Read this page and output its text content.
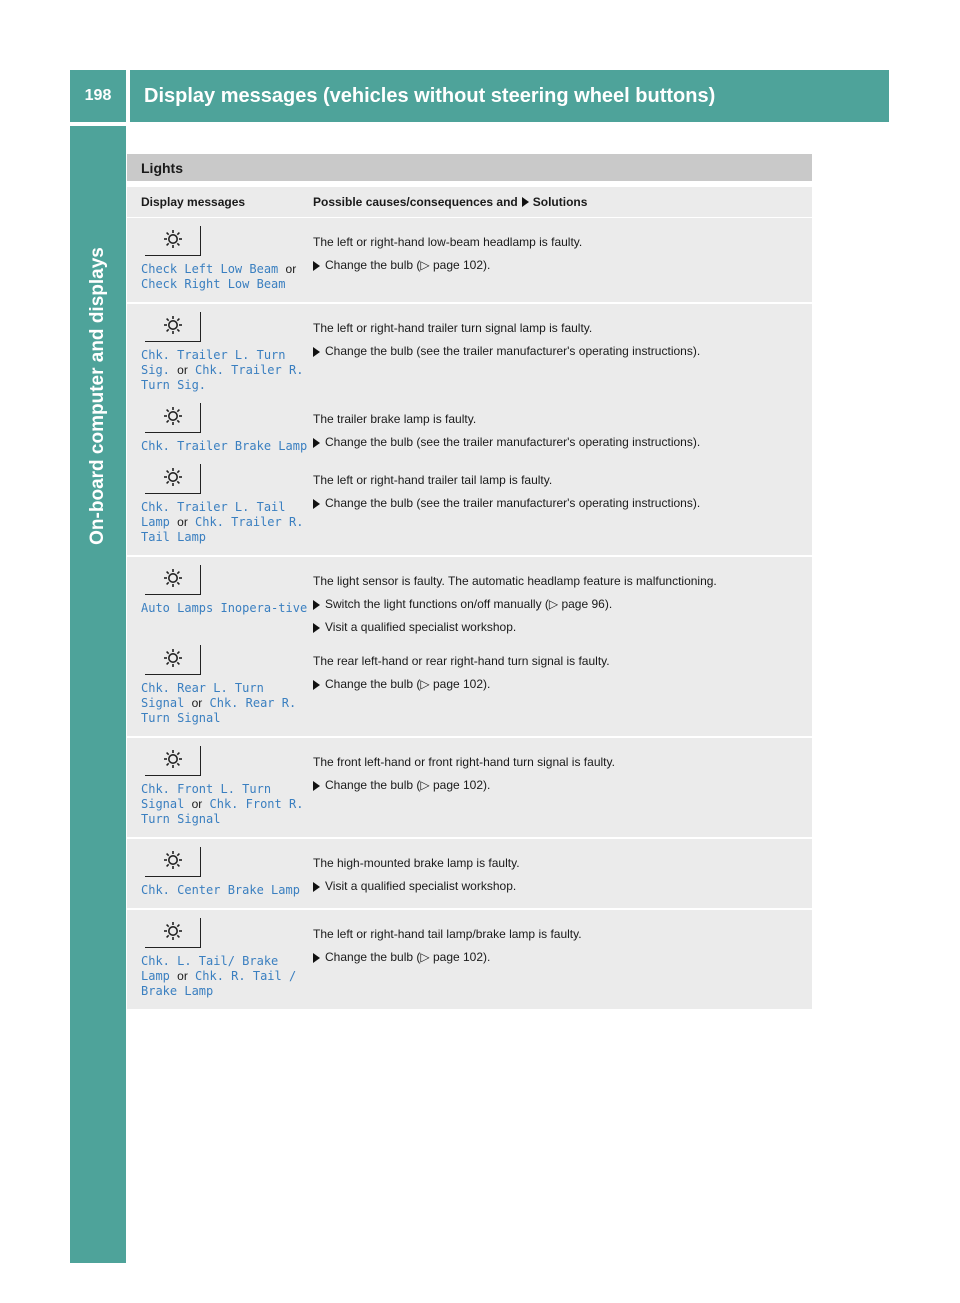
198	Display messages (vehicles without steering wheel buttons)
On-board computer and displays
Lights
Display messages	Possible causes/consequences and Solutions
Check Left Low Beam or Check Right Low Beam
The left or right-hand low-beam headlamp is faulty.
Change the bulb (▷ page 102).
Chk. Trailer L. Turn Sig. or Chk. Trailer R. Turn Sig.
The left or right-hand trailer turn signal lamp is faulty.
Change the bulb (see the trailer manufacturer's operating instructions).
Chk. Trailer Brake Lamp
The trailer brake lamp is faulty.
Change the bulb (see the trailer manufacturer's operating instructions).
Chk. Trailer L. Tail Lamp or Chk. Trailer R. Tail Lamp
The left or right-hand trailer tail lamp is faulty.
Change the bulb (see the trailer manufacturer's operating instructions).
Auto Lamps Inopera-tive
The light sensor is faulty. The automatic headlamp feature is malfunctioning.
Switch the light functions on/off manually (▷ page 96).
Visit a qualified specialist workshop.
Chk. Rear L. Turn Signal or Chk. Rear R. Turn Signal
The rear left-hand or rear right-hand turn signal is faulty.
Change the bulb (▷ page 102).
Chk. Front L. Turn Signal or Chk. Front R. Turn Signal
The front left-hand or front right-hand turn signal is faulty.
Change the bulb (▷ page 102).
Chk. Center Brake Lamp
The high-mounted brake lamp is faulty.
Visit a qualified specialist workshop.
Chk. L. Tail/ Brake Lamp or Chk. R. Tail / Brake Lamp
The left or right-hand tail lamp/brake lamp is faulty.
Change the bulb (▷ page 102).
